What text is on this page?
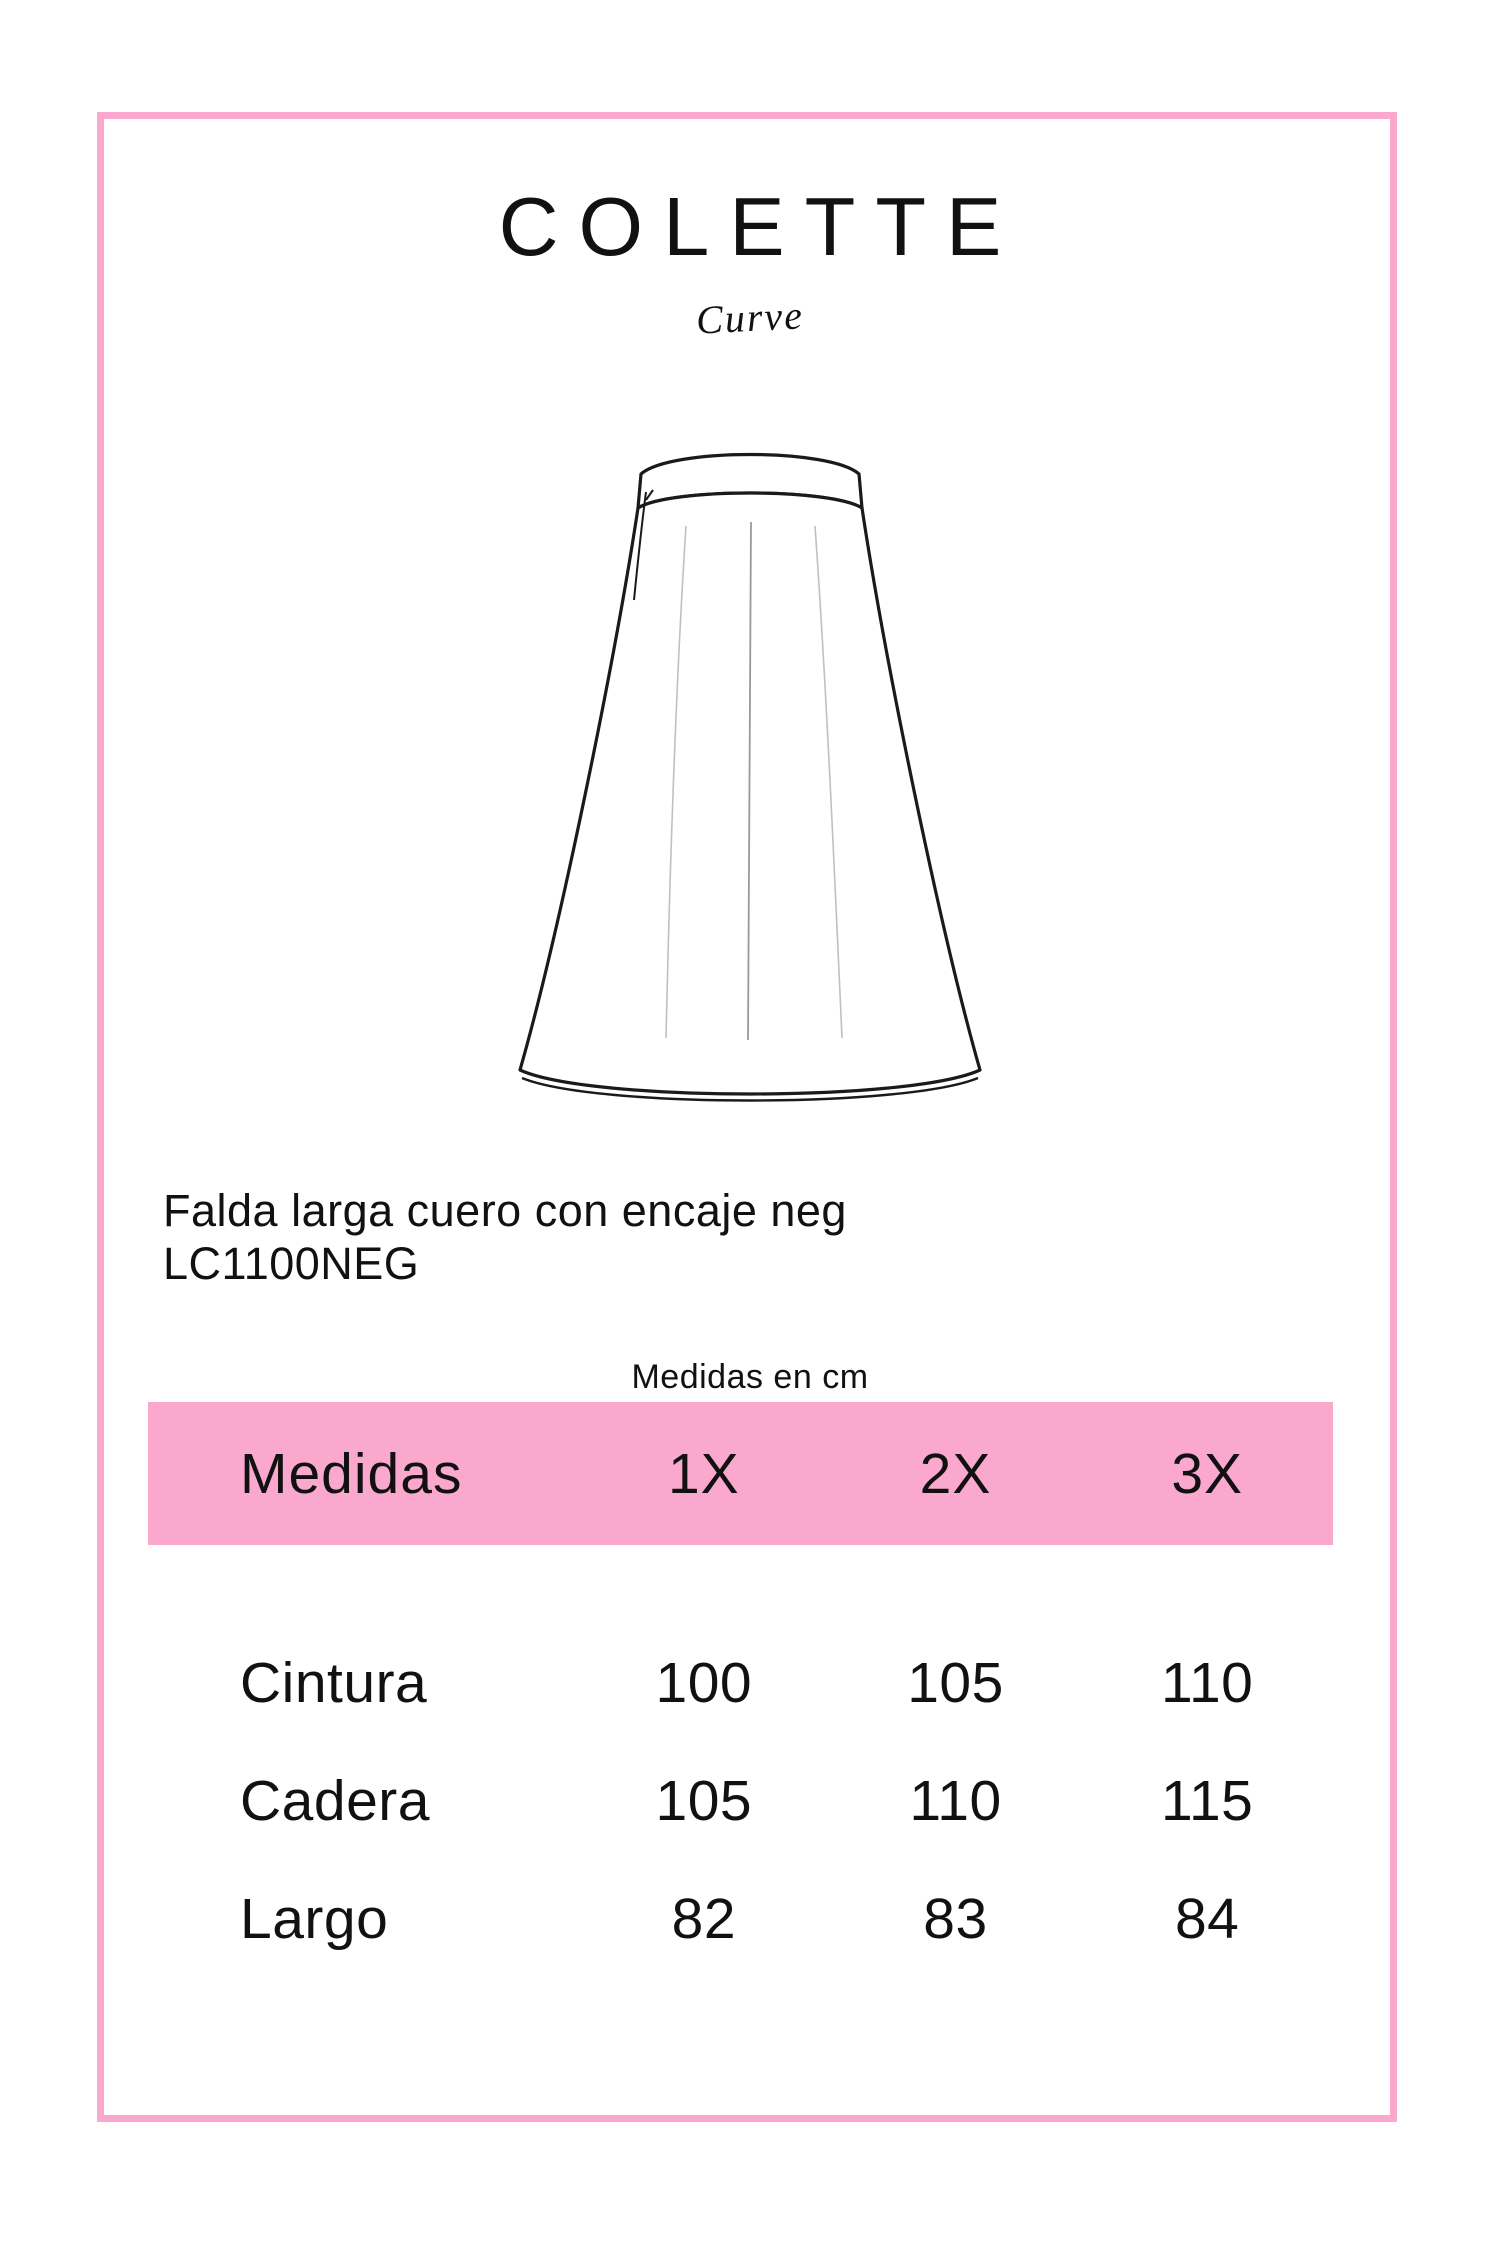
COLETTE
Curve
Falda larga cuero con encaje neg
LC1100NEG
Medidas en cm
Medidas	1X	2X	3X
Cintura	100	105	110
Cadera	105	110	115
Largo	82	83	84
